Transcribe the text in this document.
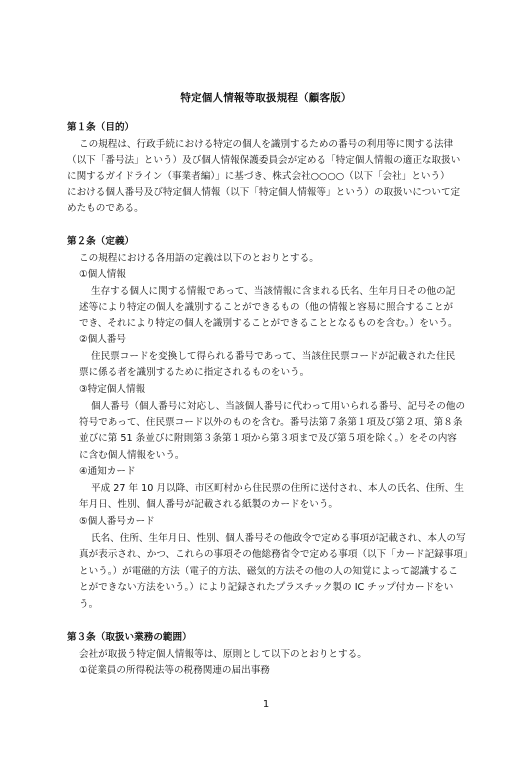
特定個人情報等取扱規程（顧客版）
第１条（目的）
この規程は、行政手続における特定の個人を識別するための番号の利用等に関する法律
（以下「番号法」という）及び個人情報保護委員会が定める「特定個人情報の適正な取扱い
に関するガイドライン（事業者編）」に基づき、株式会社○○○○（以下「会社」という）
における個人番号及び特定個人情報（以下「特定個人情報等」という）の取扱いについて定
めたものである。
第２条（定義）
この規程における各用語の定義は以下のとおりとする。
①個人情報
生存する個人に関する情報であって、当該情報に含まれる氏名、生年月日その他の記
述等により特定の個人を識別することができるもの（他の情報と容易に照合することが
でき、それにより特定の個人を識別することができることとなるものを含む。）をいう。
②個人番号
住民票コードを変換して得られる番号であって、当該住民票コードが記載された住民
票に係る者を識別するために指定されるものをいう。
③特定個人情報
個人番号（個人番号に対応し、当該個人番号に代わって用いられる番号、記号その他の
符号であって、住民票コード以外のものを含む。番号法第７条第１項及び第２項、第８条
並びに第 51 条並びに附則第３条第１項から第３項まで及び第５項を除く。）をその内容
に含む個人情報をいう。
④通知カード
平成 27 年 10 月以降、市区町村から住民票の住所に送付され、本人の氏名、住所、生
年月日、性別、個人番号が記載される紙製のカードをいう。
⑤個人番号カード
氏名、住所、生年月日、性別、個人番号その他政令で定める事項が記載され、本人の写
真が表示され、かつ、これらの事項その他総務省令で定める事項（以下「カード記録事項」
という。）が電磁的方法（電子的方法、磁気的方法その他の人の知覚によって認識するこ
とができない方法をいう。）により記録されたプラスチック製の IC チップ付カードをい
う。
第３条（取扱い業務の範囲）
会社が取扱う特定個人情報等は、原則として以下のとおりとする。
①従業員の所得税法等の税務関連の届出事務
1
